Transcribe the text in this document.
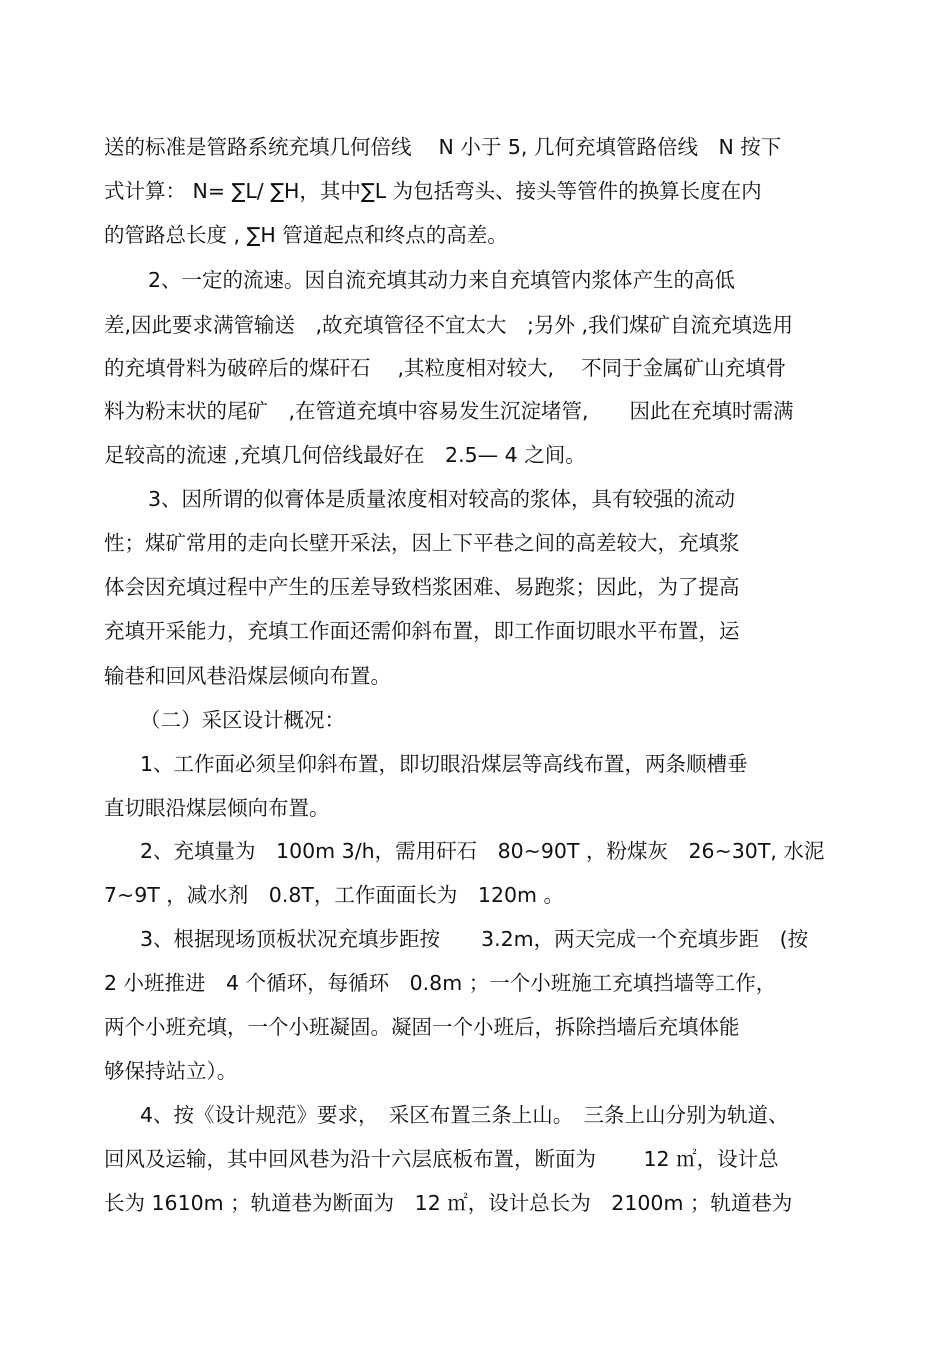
送的标准是管路系统充填几何倍线　 N 小于 5, 几何充填管路倍线　N 按下

式计算： N= ∑L/ ∑H，其中∑L 为包括弯头、接头等管件的换算长度在内

的管路总长度 , ∑H 管道起点和终点的高差。

2、一定的流速。因自流充填其动力来自充填管内浆体产生的高低

差,因此要求满管输送　,故充填管径不宜太大　;另外 ,我们煤矿自流充填选用

的充填骨料为破碎后的煤矸石　 ,其粒度相对较大,　 不同于金属矿山充填骨

料为粉末状的尾矿　,在管道充填中容易发生沉淀堵管,　　因此在充填时需满

足较高的流速 ,充填几何倍线最好在　2.5— 4 之间。

3、因所谓的似膏体是质量浓度相对较高的浆体，具有较强的流动

性；煤矿常用的走向长壁开采法，因上下平巷之间的高差较大，充填浆

体会因充填过程中产生的压差导致档浆困难、易跑浆；因此，为了提高

充填开采能力，充填工作面还需仰斜布置，即工作面切眼水平布置，运

输巷和回风巷沿煤层倾向布置。

（二）采区设计概况：

1、工作面必须呈仰斜布置，即切眼沿煤层等高线布置，两条顺槽垂

直切眼沿煤层倾向布置。

2、充填量为　100m 3/h，需用矸石　80~90T ，粉煤灰　26~30T, 水泥

7~9T ，减水剂　0.8T，工作面面长为　120m 。

3、根据现场顶板状况充填步距按　　3.2m，两天完成一个充填步距　(按

2 小班推进　4 个循环，每循环　0.8m ；一个小班施工充填挡墙等工作，

两个小班充填，一个小班凝固。凝固一个小班后，拆除挡墙后充填体能

够保持站立）。

4、按《设计规范》要求，　采区布置三条上山。　三条上山分别为轨道、

回风及运输，其中回风巷为沿十六层底板布置，断面为　　 12 ㎡，设计总

长为 1610m ；轨道巷为断面为　12 ㎡，设计总长为　2100m ；轨道巷为
